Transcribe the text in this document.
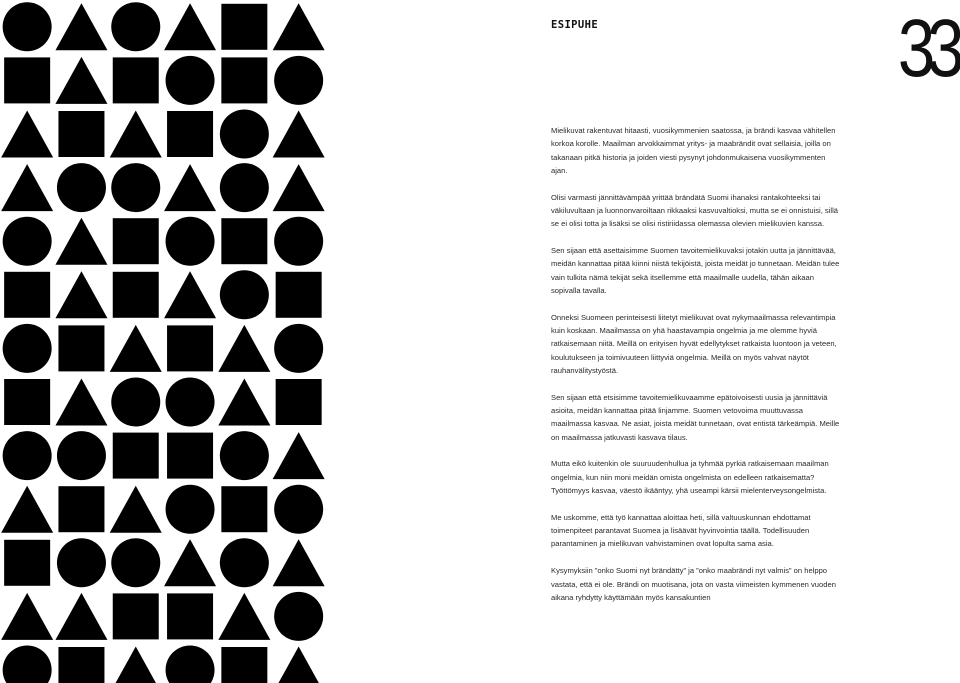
ESIPUHE	33

Mielikuvat rakentuvat hitaasti, vuosikymmenien saatossa, ja brändi kasvaa vähitellen korkoa korolle. Maailman arvokkaimmat yritys- ja maabrändit ovat sellaisia, joilla on takanaan pitkä historia ja joiden viesti pysynyt johdonmukaisena vuosikymmenten ajan.

Olisi varmasti jännittävämpää yrittää brändätä Suomi ihanaksi rantakohteeksi tai väkiluvultaan ja luonnonvaroiltaan rikkaaksi kasvuvaltioksi, mutta se ei onnistuisi, sillä se ei olisi totta ja lisäksi se olisi ristiriidassa olemassa olevien mielikuvien kanssa.

Sen sijaan että asettaisimme Suomen tavoitemielikuvaksi jotakin uutta ja jännittävää, meidän kannattaa pitää kiinni niistä tekijöistä, joista meidät jo tunnetaan. Meidän tulee vain tulkita nämä tekijät sekä itsellemme että maailmalle uudella, tähän aikaan sopivalla tavalla.

Onneksi Suomeen perinteisesti liitetyt mielikuvat ovat nykymaailmassa relevantimpia kuin koskaan. Maailmassa on yhä haastavampia ongelmia ja me olemme hyviä ratkaisemaan niitä. Meillä on erityisen hyvät edellytykset ratkaista luontoon ja veteen, koulutukseen ja toimivuuteen liittyviä ongelmia. Meillä on myös vahvat näytöt rauhanvälitystyöstä.

Sen sijaan että etsisimme tavoitemielikuvaamme epätoivoisesti uusia ja jännittäviä asioita, meidän kannattaa pitää linjamme. Suomen vetovoima muuttuvassa maailmassa kasvaa. Ne asiat, joista meidät tunnetaan, ovat entistä tärkeämpiä. Meille on maailmassa jatkuvasti kasvava tilaus.

Mutta eikö kuitenkin ole suuruudenhullua ja tyhmää pyrkiä ratkaisemaan maailman ongelmia, kun niin moni meidän omista ongelmista on edelleen ratkaisematta? Työttömyys kasvaa, väestö ikääntyy, yhä useampi kärsii mielenterveysongelmista.

Me uskomme, että työ kannattaa aloittaa heti, sillä valtuuskunnan ehdottamat toimenpiteet parantavat Suomea ja lisäävät hyvinvointia täällä. Todellisuuden parantaminen ja mielikuvan vahvistaminen ovat lopulta sama asia.

Kysymyksiin ”onko Suomi nyt brändätty” ja ”onko maabrändi nyt valmis” on helppo vastata, että ei ole. Brändi on muotisana, jota on vasta viimeisten kymmenen vuoden aikana ryhdytty käyttämään myös kansakuntien
